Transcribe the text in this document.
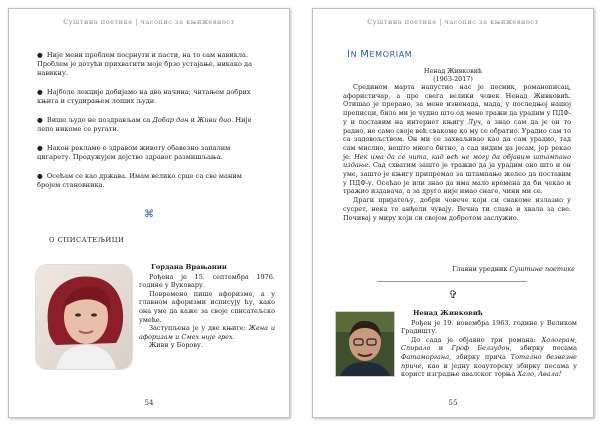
Суштина поетике | часопис за књижевност

● Није мени проблем посрнути и пасти, на то сам навикла. Проблем је дотући прихватити моје брзо устајање, никако да навикну.

● Најболе лекције добијамо на два начина; читањем добрих књига и студирањем лоших људи.

● Више људе не поздрављам са Добар дан и Живи био. Није лепо никоме се ругати.

● Након рекламе о здравом животу обавезно запалим цигарету. Продужујем дејство здравог размишљања.

● Осећам се као држава. Имам велико срце са све маним бројем становника.

⌘
О СПИСАТЕЉИЦИ

Гордана Врањанин

Рођена је 15. септембра 1976. године у Вуковару.

Повремено пише афоризме, а у главном афоризми исписују ћу, како она уме да каже за своје списатељско умеће.

Заступљена је у две књиге: Жена и афоризам и Смех није грех.

Живи у Борову.

54
Суштина поетике | часопис за књижевност
IN MEMORIAM
Ненад Живковић
(1963-2017)

Средином марта напустио нас је песник, романописац, афористичар, а пре свега велики човек Ненад Живковић. Отишао је прерано, за мене изненада, мада, у последњој нашој преписци, било ми је чудно што од мене тражи да урадим у ПДФ-у и поставим на интернет књигу Луч, а знао сам да је он то радио, не само своје већ свакоме ко му се обратио. Урадио сам то са задовољством. Он ми се захваљивао као да сам урадио, тад сам мислио, нешто много битно, а сад видим да јесам, јер рекао је: Нек има да се чита, кад већ не могу да објавим штампано издање. Сад схватим зашто је тражио да ја урадим оно што и он уме, зашто је књигу припремао за штампање желео да поставим у ПДФ-у. Осећао је или знао да има мало времена да би чекао и тражио издавача, а за друго није имао снаге, чини ми се.

Драги пријатељу, добри човече који си свакомe излазио у сусрет, нека те анђели чувају. Вечна ти слава и хвала за све. Почивај у миру који си својом добротом заслужио.

Главни уредник Суштине поетике
✞

Ненад Живковић

Рођен је 19. новембра 1963. године у Великом Градишту.

До сада је објавио три романа: Холограм, Спирало и Гроф Белзудон, збирку песама Фатаморгана, збирку прича Тотално безвезне приче, као и једну коауторску збирку песама у корист изградње авалског торња Хало, Авала!

55
